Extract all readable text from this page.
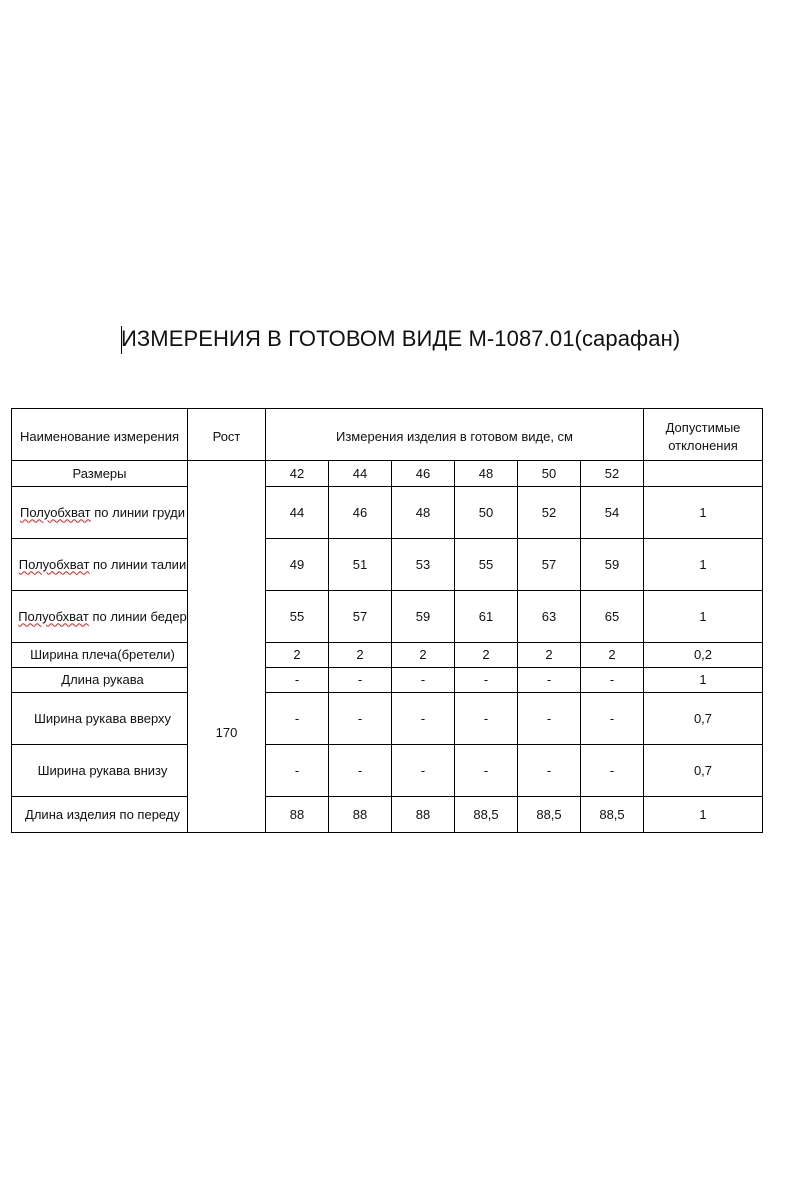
ИЗМЕРЕНИЯ В ГОТОВОМ ВИДЕ М-1087.01(сарафан)
Наименование измерения	Рост	Измерения изделия в готовом виде, см						Допустимые отклонения
Размеры	170	42	44	46	48	50	52	
Полуобхват по линии груди		44	46	48	50	52	54	1
Полуобхват по линии талии		49	51	53	55	57	59	1
Полуобхват по линии бедер		55	57	59	61	63	65	1
Ширина плеча(бретели)		2	2	2	2	2	2	0,2
Длина рукава		-	-	-	-	-	-	1
Ширина рукава вверху		-	-	-	-	-	-	0,7
Ширина рукава внизу		-	-	-	-	-	-	0,7
Длина изделия по переду		88	88	88	88,5	88,5	88,5	1
